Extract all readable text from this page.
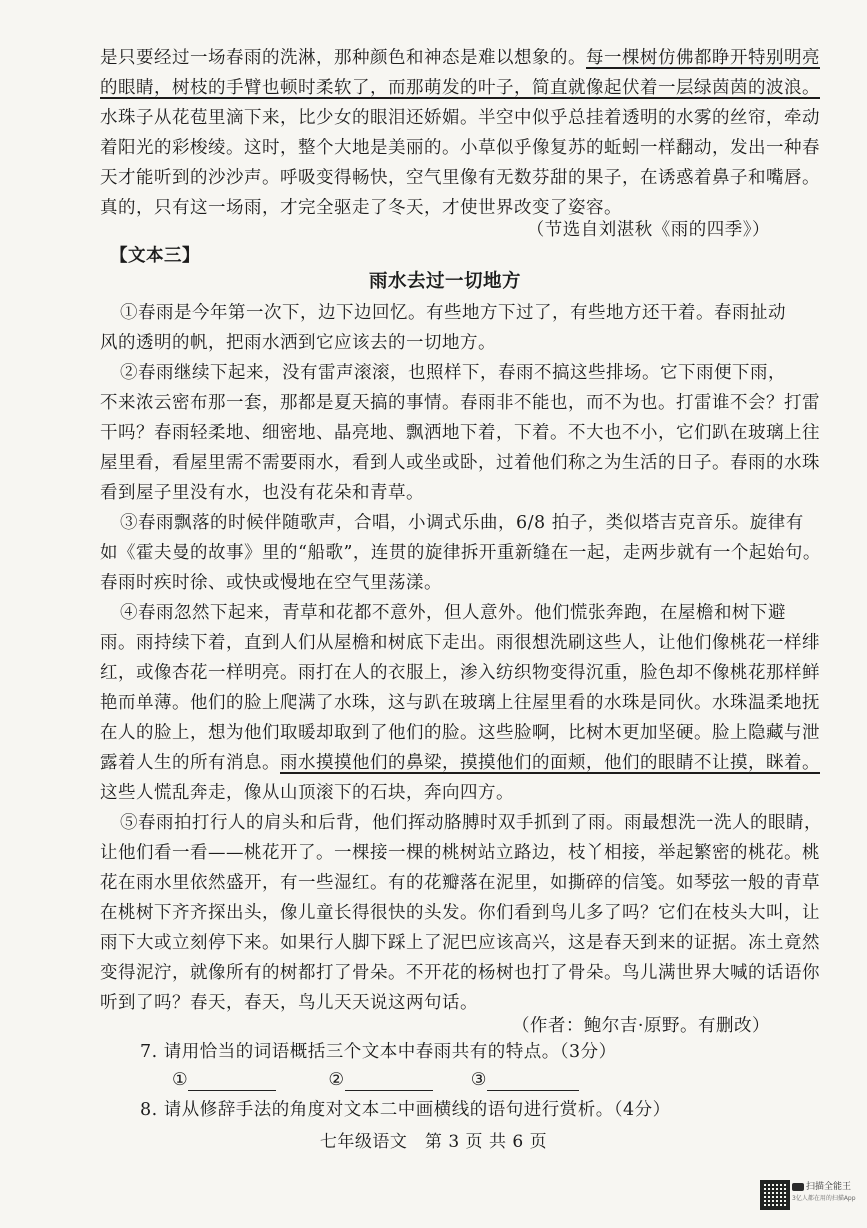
是只要经过一场春雨的洗淋，那种颜色和神态是难以想象的。每一棵树仿佛都睁开特别明亮
的眼睛，树枝的手臂也顿时柔软了，而那萌发的叶子，简直就像起伏着一层绿茵茵的波浪。
水珠子从花苞里滴下来，比少女的眼泪还娇媚。半空中似乎总挂着透明的水雾的丝帘，牵动
着阳光的彩梭绫。这时，整个大地是美丽的。小草似乎像复苏的蚯蚓一样翻动，发出一种春
天才能听到的沙沙声。呼吸变得畅快，空气里像有无数芬甜的果子，在诱惑着鼻子和嘴唇。
真的，只有这一场雨，才完全驱走了冬天，才使世界改变了姿容。
（节选自刘湛秋《雨的四季》）
【文本三】
雨水去过一切地方
①春雨是今年第一次下，边下边回忆。有些地方下过了，有些地方还干着。春雨扯动
风的透明的帆，把雨水洒到它应该去的一切地方。
②春雨继续下起来，没有雷声滚滚，也照样下，春雨不搞这些排场。它下雨便下雨，
不来浓云密布那一套，那都是夏天搞的事情。春雨非不能也，而不为也。打雷谁不会？打雷
干吗？春雨轻柔地、细密地、晶亮地、飘洒地下着，下着。不大也不小，它们趴在玻璃上往
屋里看，看屋里需不需要雨水，看到人或坐或卧，过着他们称之为生活的日子。春雨的水珠
看到屋子里没有水，也没有花朵和青草。
③春雨飘落的时候伴随歌声，合唱，小调式乐曲，6/8 拍子，类似塔吉克音乐。旋律有
如《霍夫曼的故事》里的“船歌”，连贯的旋律拆开重新缝在一起，走两步就有一个起始句。
春雨时疾时徐、或快或慢地在空气里荡漾。
④春雨忽然下起来，青草和花都不意外，但人意外。他们慌张奔跑，在屋檐和树下避
雨。雨持续下着，直到人们从屋檐和树底下走出。雨很想洗刷这些人，让他们像桃花一样绯
红，或像杏花一样明亮。雨打在人的衣服上，渗入纺织物变得沉重，脸色却不像桃花那样鲜
艳而单薄。他们的脸上爬满了水珠，这与趴在玻璃上往屋里看的水珠是同伙。水珠温柔地抚
在人的脸上，想为他们取暖却取到了他们的脸。这些脸啊，比树木更加坚硬。脸上隐藏与泄
露着人生的所有消息。雨水摸摸他们的鼻梁，摸摸他们的面颊，他们的眼睛不让摸，眯着。
这些人慌乱奔走，像从山顶滚下的石块，奔向四方。
⑤春雨拍打行人的肩头和后背，他们挥动胳膊时双手抓到了雨。雨最想洗一洗人的眼睛，
让他们看一看——桃花开了。一棵接一棵的桃树站立路边，枝丫相接，举起繁密的桃花。桃
花在雨水里依然盛开，有一些湿红。有的花瓣落在泥里，如撕碎的信笺。如琴弦一般的青草
在桃树下齐齐探出头，像儿童长得很快的头发。你们看到鸟儿多了吗？它们在枝头大叫，让
雨下大或立刻停下来。如果行人脚下踩上了泥巴应该高兴，这是春天到来的证据。冻土竟然
变得泥泞，就像所有的树都打了骨朵。不开花的杨树也打了骨朵。鸟儿满世界大喊的话语你
听到了吗？春天，春天，鸟儿天天说这两句话。
（作者：鲍尔吉·原野。有删改）
7. 请用恰当的词语概括三个文本中春雨共有的特点。（3分）
①	②	③
8. 请从修辞手法的角度对文本二中画横线的语句进行赏析。（4分）
七年级语文　第 3 页 共 6 页
扫描全能王
3亿人都在用的扫描App
